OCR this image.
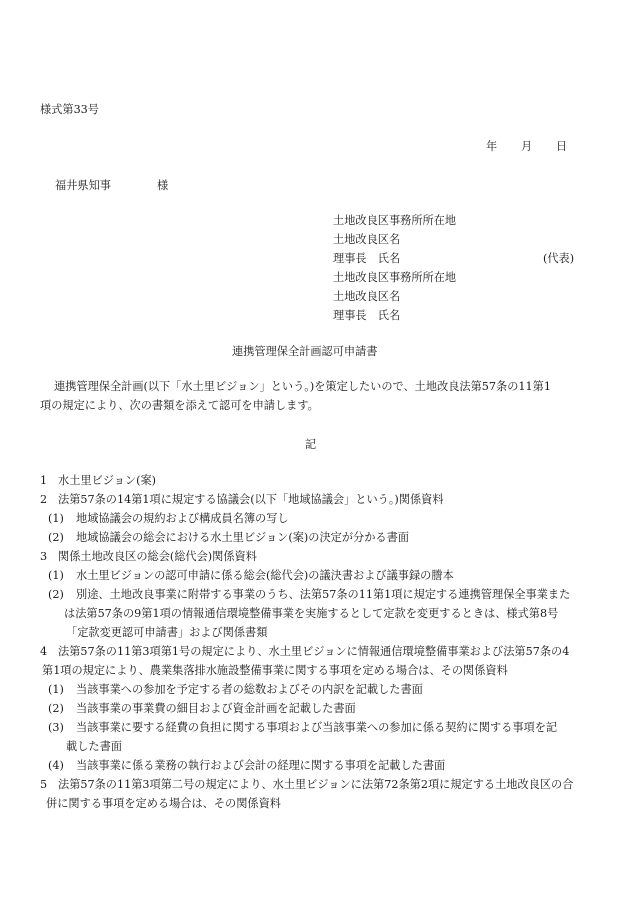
様式第33号
年 月 日
福井県知事	様
土地改良区事務所所在地
土地改良区名
理事長　氏名	(代表)
土地改良区事務所所在地
土地改良区名
理事長　氏名
連携管理保全計画認可申請書
連携管理保全計画(以下「水土里ビジョン」という。)を策定したいので、土地改良法第57条の11第1
項の規定により、次の書類を添えて認可を申請します。
記
1 水土里ビジョン(案)
2 法第57条の14第1項に規定する協議会(以下「地域協議会」という。)関係資料
(1) 地域協議会の規約および構成員名簿の写し
(2) 地域協議会の総会における水土里ビジョン(案)の決定が分かる書面
3 関係土地改良区の総会(総代会)関係資料
(1) 水土里ビジョンの認可申請に係る総会(総代会)の議決書および議事録の謄本
(2) 別途、土地改良事業に附帯する事業のうち、法第57条の11第1項に規定する連携管理保全事業また
は法第57条の9第1項の情報通信環境整備事業を実施するとして定款を変更するときは、様式第8号
「定款変更認可申請書」および関係書類
4 法第57条の11第3項第1号の規定により、水土里ビジョンに情報通信環境整備事業および法第57条の4
第1項の規定により、農業集落排水施設整備事業に関する事項を定める場合は、その関係資料
(1) 当該事業への参加を予定する者の総数およびその内訳を記載した書面
(2) 当該事業の事業費の細目および資金計画を記載した書面
(3) 当該事業に要する経費の負担に関する事項および当該事業への参加に係る契約に関する事項を記
載した書面
(4) 当該事業に係る業務の執行および会計の経理に関する事項を記載した書面
5 法第57条の11第3項第二号の規定により、水土里ビジョンに法第72条第2項に規定する土地改良区の合
併に関する事項を定める場合は、その関係資料
